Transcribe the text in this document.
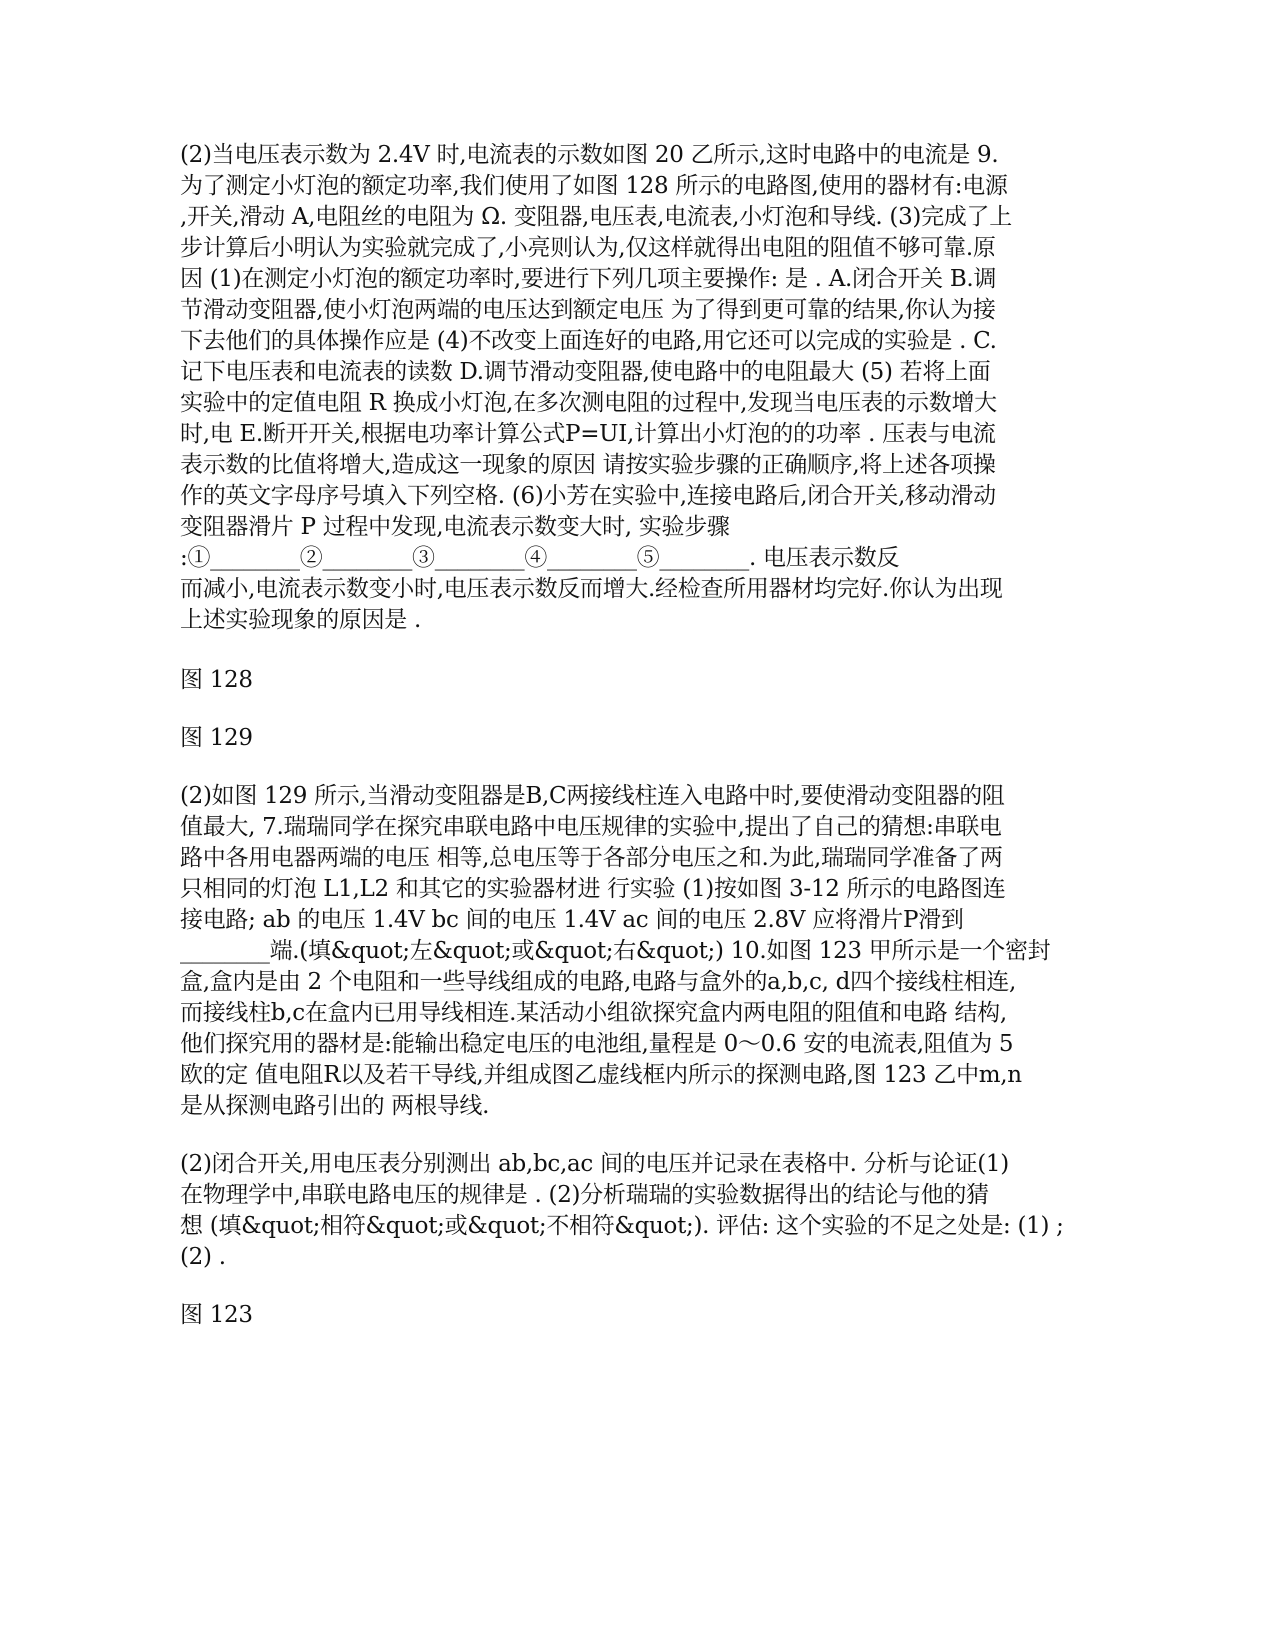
(2)当电压表示数为 2.4V 时,电流表的示数如图 20 乙所示,这时电路中的电流是 9.
为了测定小灯泡的额定功率,我们使用了如图 128 所示的电路图,使用的器材有:电源
,开关,滑动 A,电阻丝的电阻为 Ω. 变阻器,电压表,电流表,小灯泡和导线. (3)完成了上
步计算后小明认为实验就完成了,小亮则认为,仅这样就得出电阻的阻值不够可靠.原
因 (1)在测定小灯泡的额定功率时,要进行下列几项主要操作: 是 . A.闭合开关 B.调
节滑动变阻器,使小灯泡两端的电压达到额定电压 为了得到更可靠的结果,你认为接
下去他们的具体操作应是 (4)不改变上面连好的电路,用它还可以完成的实验是 . C.
记下电压表和电流表的读数 D.调节滑动变阻器,使电路中的电阻最大 (5) 若将上面
实验中的定值电阻 R 换成小灯泡,在多次测电阻的过程中,发现当电压表的示数增大
时,电 E.断开开关,根据电功率计算公式P=UI,计算出小灯泡的的功率 . 压表与电流
表示数的比值将增大,造成这一现象的原因 请按实验步骤的正确顺序,将上述各项操
作的英文字母序号填入下列空格. (6)小芳在实验中,连接电路后,闭合开关,移动滑动
变阻器滑片 P 过程中发现,电流表示数变大时, 实验步骤
:①________②________③________④________⑤________. 电压表示数反
而减小,电流表示数变小时,电压表示数反而增大.经检查所用器材均完好.你认为出现
上述实验现象的原因是 .
图 128
图 129
(2)如图 129 所示,当滑动变阻器是B,C两接线柱连入电路中时,要使滑动变阻器的阻
值最大, 7.瑞瑞同学在探究串联电路中电压规律的实验中,提出了自己的猜想:串联电
路中各用电器两端的电压 相等,总电压等于各部分电压之和.为此,瑞瑞同学准备了两
只相同的灯泡 L1,L2 和其它的实验器材进 行实验 (1)按如图 3-12 所示的电路图连
接电路; ab 的电压 1.4V bc 间的电压 1.4V ac 间的电压 2.8V 应将滑片P滑到
________端.(填&quot;左&quot;或&quot;右&quot;) 10.如图 123 甲所示是一个密封
盒,盒内是由 2 个电阻和一些导线组成的电路,电路与盒外的a,b,c, d四个接线柱相连,
而接线柱b,c在盒内已用导线相连.某活动小组欲探究盒内两电阻的阻值和电路 结构,
他们探究用的器材是:能输出稳定电压的电池组,量程是 0～0.6 安的电流表,阻值为 5
欧的定 值电阻R以及若干导线,并组成图乙虚线框内所示的探测电路,图 123 乙中m,n
是从探测电路引出的 两根导线.
(2)闭合开关,用电压表分别测出 ab,bc,ac 间的电压并记录在表格中. 分析与论证(1)
在物理学中,串联电路电压的规律是 . (2)分析瑞瑞的实验数据得出的结论与他的猜
想 (填&quot;相符&quot;或&quot;不相符&quot;). 评估: 这个实验的不足之处是: (1) ;
(2) .
图 123
